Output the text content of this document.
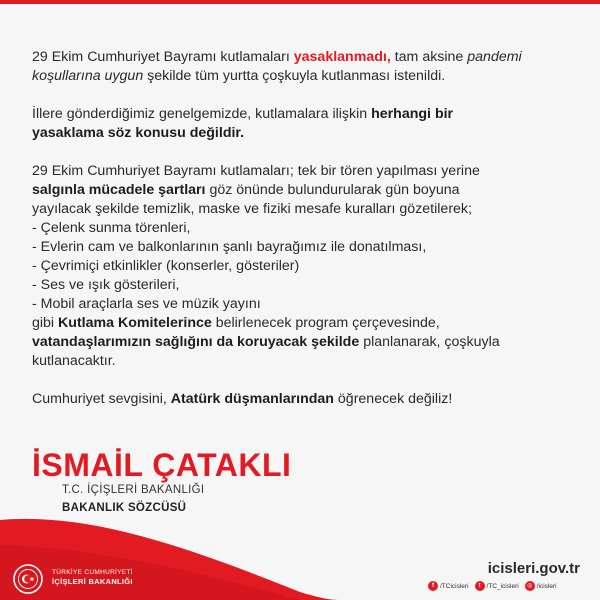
29 Ekim Cumhuriyet Bayramı kutlamaları yasaklanmadı, tam aksine pandemi
koşullarına uygun şekilde tüm yurtta çoşkuyla kutlanması istenildi.

İllere gönderdiğimiz genelgemizde, kutlamalara ilişkin herhangi bir
yasaklama söz konusu değildir.

29 Ekim Cumhuriyet Bayramı kutlamaları; tek bir tören yapılması yerine
salgınla mücadele şartları göz önünde bulundurularak gün boyuna
yayılacak şekilde temizlik, maske ve fiziki mesafe kuralları gözetilerek;
- Çelenk sunma törenleri,
- Evlerin cam ve balkonlarının şanlı bayrağımız ile donatılması,
- Çevrimiçi etkinlikler (konserler, gösteriler)
- Ses ve ışık gösterileri,
- Mobil araçlarla ses ve müzik yayını
gibi Kutlama Komitelerince belirlenecek program çerçevesinde,
vatandaşlarımızın sağlığını da koruyacak şekilde planlanarak, çoşkuyla
kutlanacaktır.

Cumhuriyet sevgisini, Atatürk düşmanlarından öğrenecek değiliz!

İSMAİL ÇATAKLI
T.C. İÇİŞLERİ BAKANLIĞI
BAKANLIK SÖZCÜSÜ
TÜRKİYE CUMHURİYETİ
İÇİŞLERİ BAKANLIĞI
icisleri.gov.tr
f /TCicisleri	t /TC_icisleri	◎ /icisleri
